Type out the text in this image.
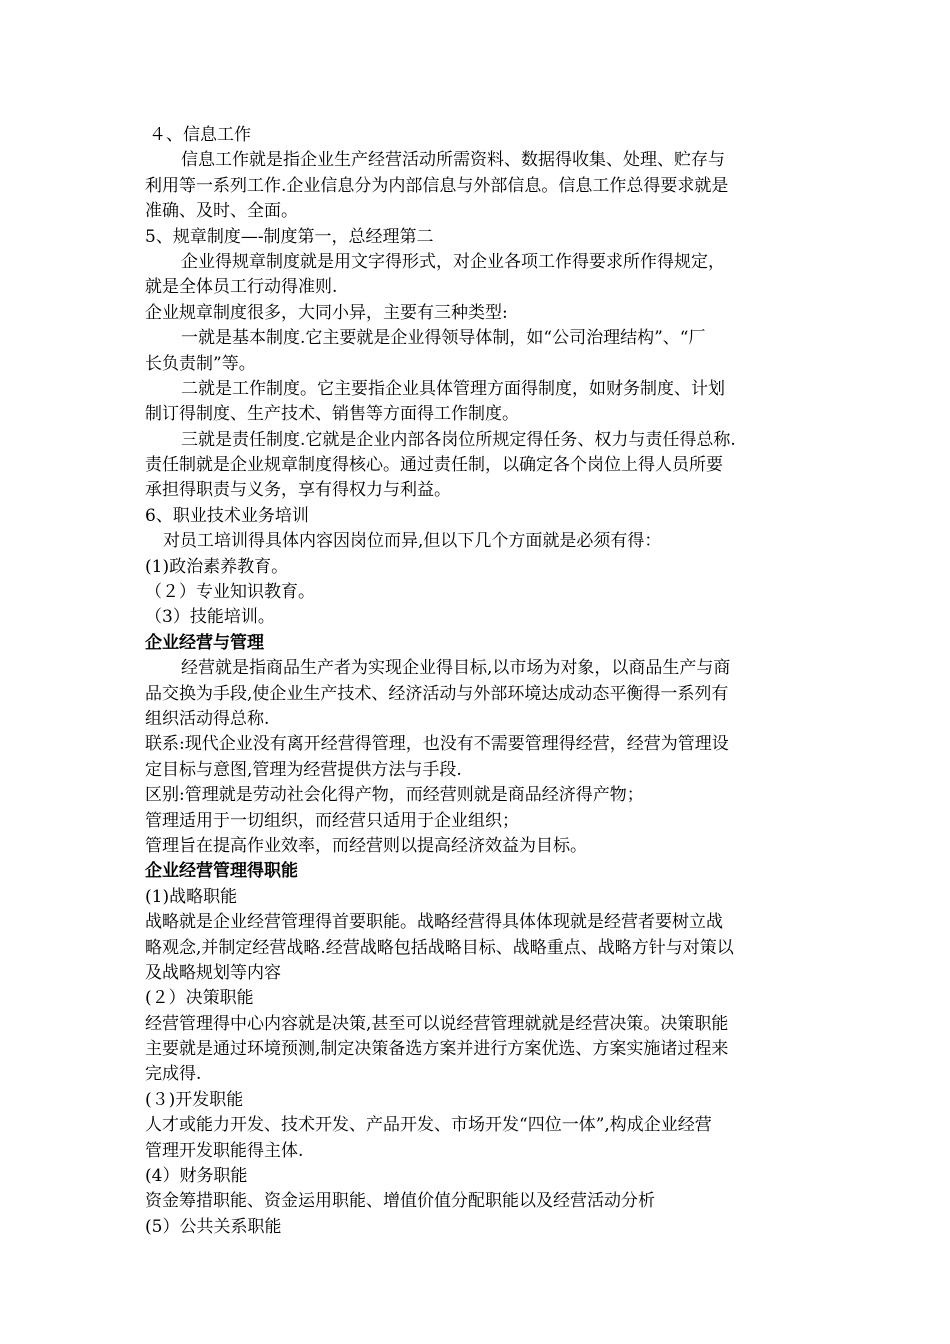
４、信息工作
信息工作就是指企业生产经营活动所需资料、数据得收集、处理、贮存与
利用等一系列工作.企业信息分为内部信息与外部信息。信息工作总得要求就是
准确、及时、全面。
5、规章制度—-制度第一，总经理第二
企业得规章制度就是用文字得形式，对企业各项工作得要求所作得规定，
就是全体员工行动得准则.
企业规章制度很多，大同小异，主要有三种类型:
一就是基本制度.它主要就是企业得领导体制，如“公司治理结构”、“厂
长负责制”等。
二就是工作制度。它主要指企业具体管理方面得制度，如财务制度、计划
制订得制度、生产技术、销售等方面得工作制度。
三就是责任制度.它就是企业内部各岗位所规定得任务、权力与责任得总称.
责任制就是企业规章制度得核心。通过责任制，以确定各个岗位上得人员所要
承担得职责与义务，享有得权力与利益。
6、职业技术业务培训
对员工培训得具体内容因岗位而异,但以下几个方面就是必须有得：
(1)政治素养教育。
（２）专业知识教育。
（3）技能培训。
企业经营与管理
经营就是指商品生产者为实现企业得目标,以市场为对象，以商品生产与商
品交换为手段,使企业生产技术、经济活动与外部环境达成动态平衡得一系列有
组织活动得总称.
联系:现代企业没有离开经营得管理，也没有不需要管理得经营，经营为管理设
定目标与意图,管理为经营提供方法与手段.
区别:管理就是劳动社会化得产物，而经营则就是商品经济得产物；
管理适用于一切组织，而经营只适用于企业组织；
管理旨在提高作业效率，而经营则以提高经济效益为目标。
企业经营管理得职能
(1)战略职能
战略就是企业经营管理得首要职能。战略经营得具体体现就是经营者要树立战
略观念,并制定经营战略.经营战略包括战略目标、战略重点、战略方针与对策以
及战略规划等内容
(２）决策职能
经营管理得中心内容就是决策,甚至可以说经营管理就就是经营决策。决策职能
主要就是通过环境预测,制定决策备选方案并进行方案优选、方案实施诸过程来
完成得.
(３)开发职能
人才或能力开发、技术开发、产品开发、市场开发“四位一体”,构成企业经营
管理开发职能得主体.
(4）财务职能
资金筹措职能、资金运用职能、增值价值分配职能以及经营活动分析
(5）公共关系职能
